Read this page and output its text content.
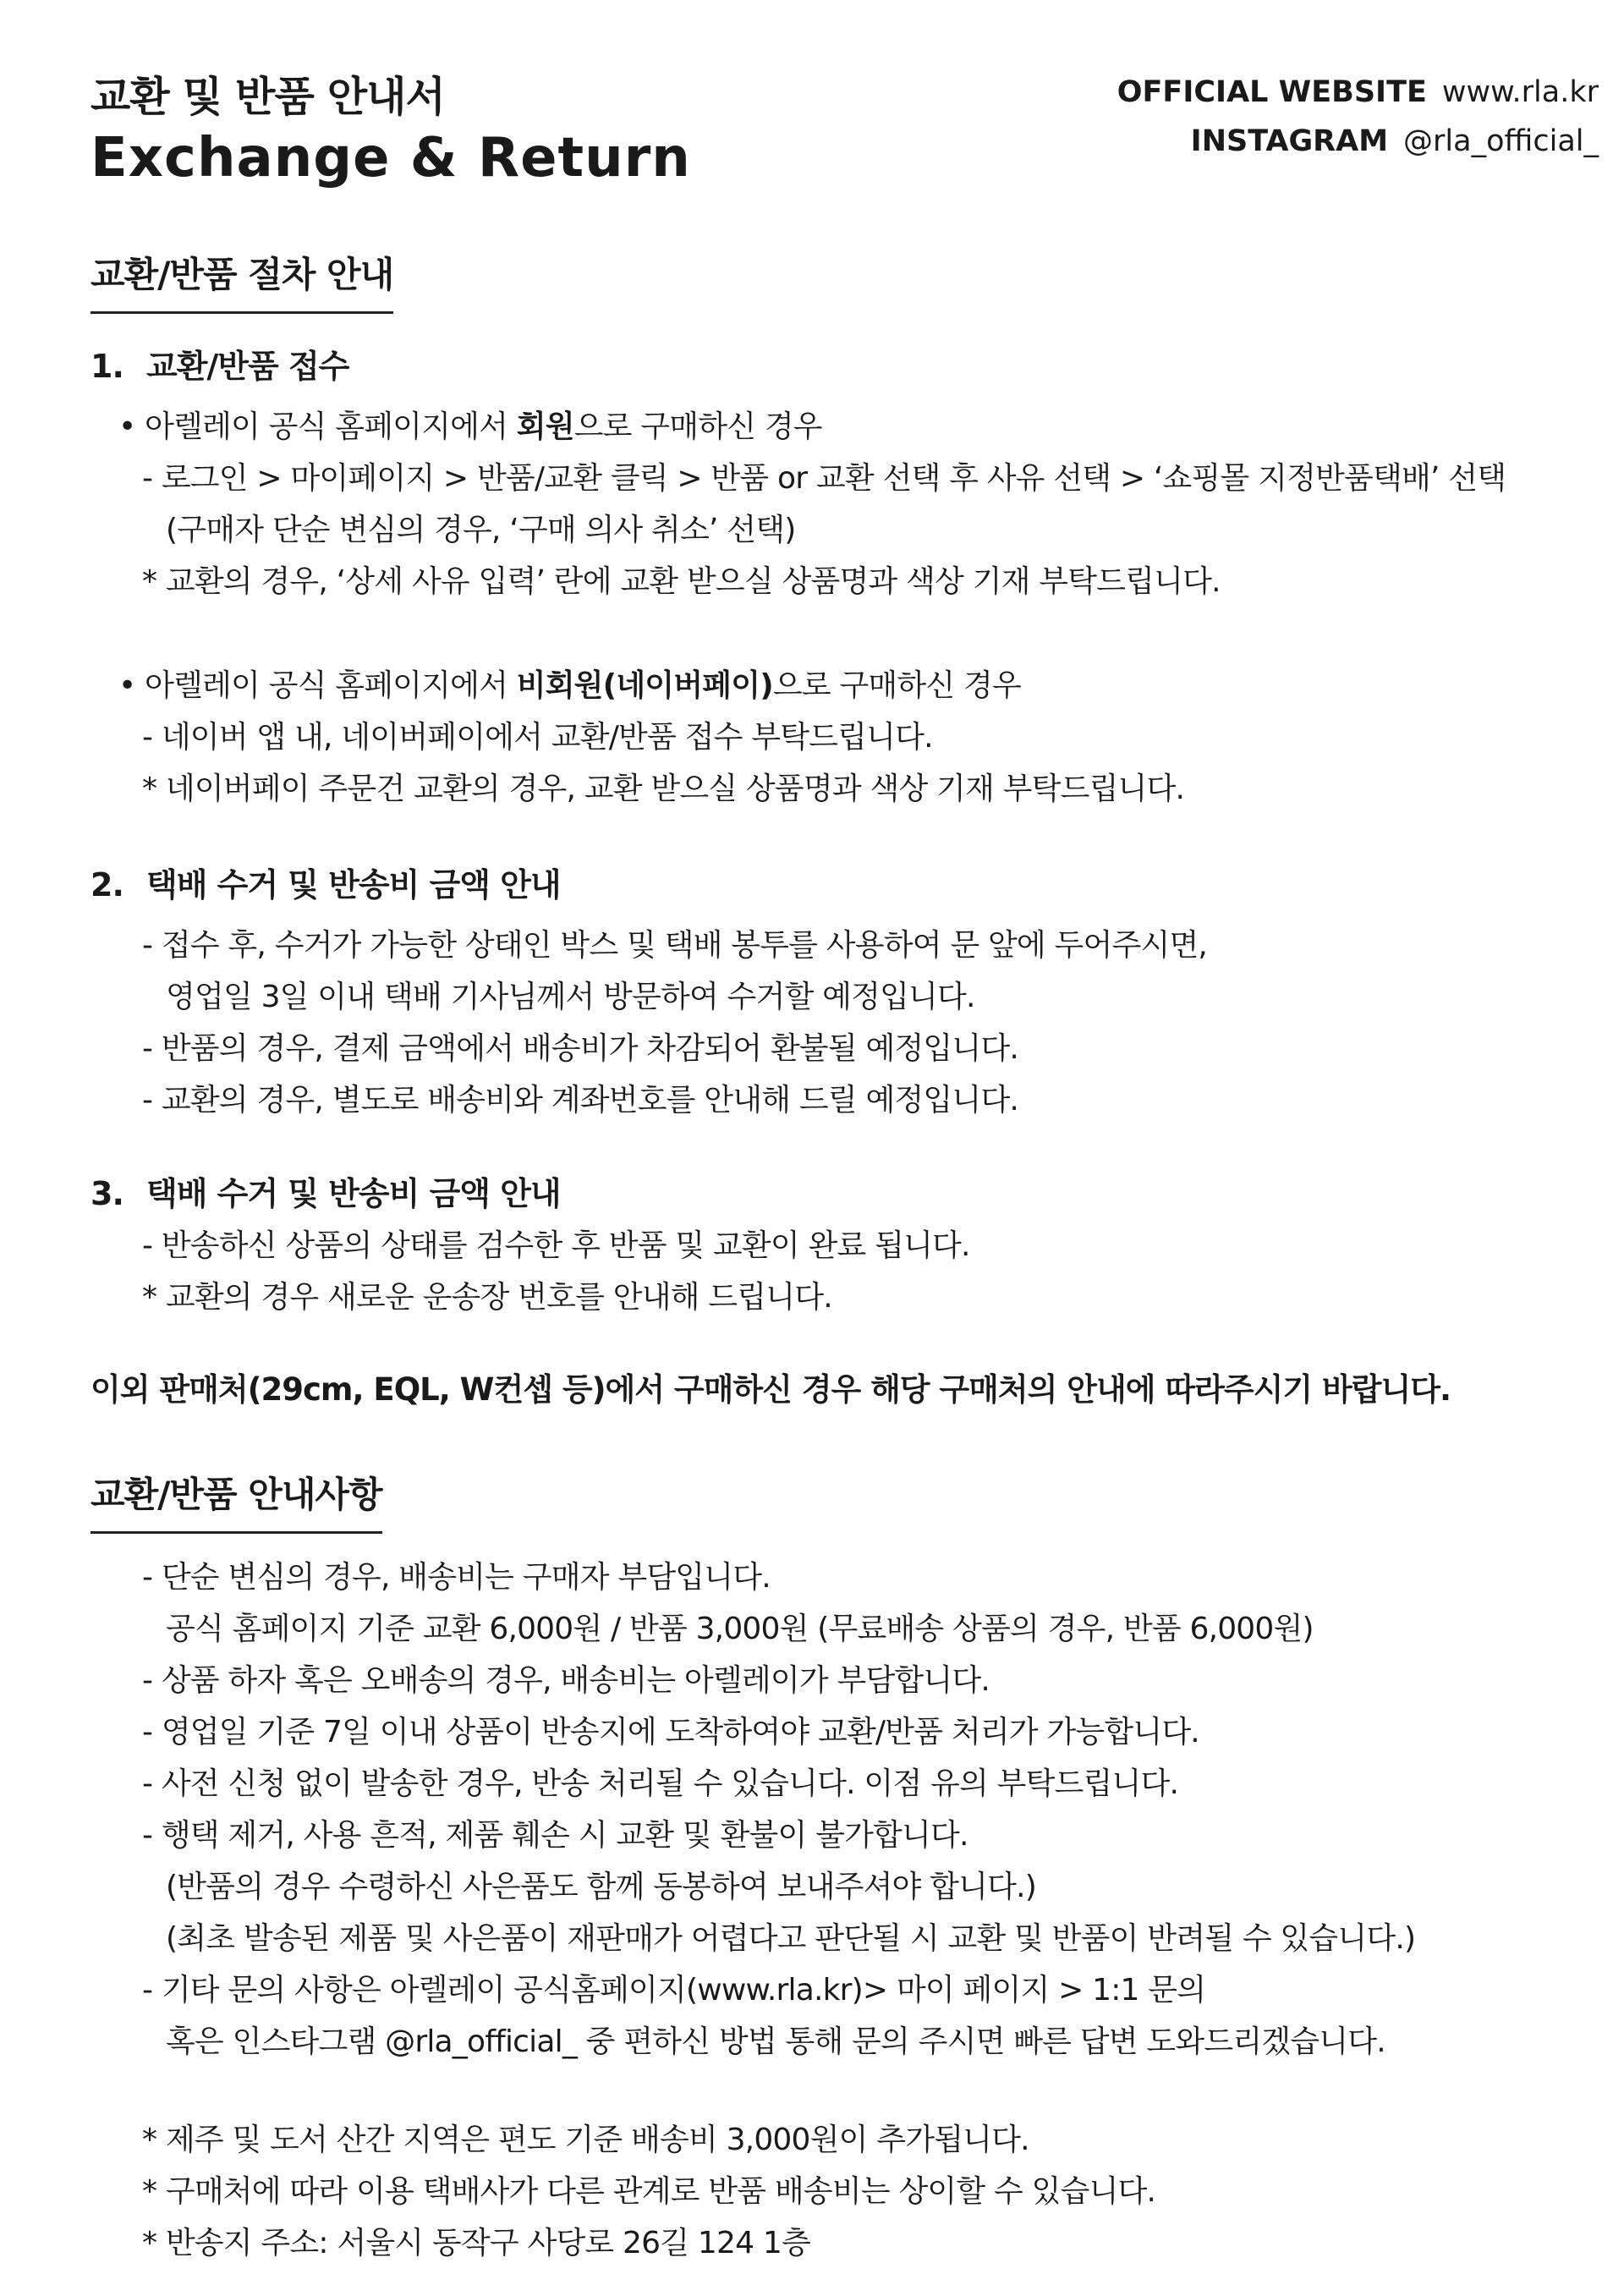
교환 및 반품 안내서
Exchange & Return
OFFICIAL WEBSITE www.rla.kr
INSTAGRAM @rla_official_
교환/반품 절차 안내
1. 교환/반품 접수
• 아렐레이 공식 홈페이지에서 회원으로 구매하신 경우
- 로그인 > 마이페이지 > 반품/교환 클릭 > 반품 or 교환 선택 후 사유 선택 > ‘쇼핑몰 지정반품택배’ 선택
(구매자 단순 변심의 경우, ‘구매 의사 취소’ 선택)
* 교환의 경우, ‘상세 사유 입력’ 란에 교환 받으실 상품명과 색상 기재 부탁드립니다.
• 아렐레이 공식 홈페이지에서 비회원(네이버페이)으로 구매하신 경우
- 네이버 앱 내, 네이버페이에서 교환/반품 접수 부탁드립니다.
* 네이버페이 주문건 교환의 경우, 교환 받으실 상품명과 색상 기재 부탁드립니다.
2. 택배 수거 및 반송비 금액 안내
- 접수 후, 수거가 가능한 상태인 박스 및 택배 봉투를 사용하여 문 앞에 두어주시면,
영업일 3일 이내 택배 기사님께서 방문하여 수거할 예정입니다.
- 반품의 경우, 결제 금액에서 배송비가 차감되어 환불될 예정입니다.
- 교환의 경우, 별도로 배송비와 계좌번호를 안내해 드릴 예정입니다.
3. 택배 수거 및 반송비 금액 안내
- 반송하신 상품의 상태를 검수한 후 반품 및 교환이 완료 됩니다.
* 교환의 경우 새로운 운송장 번호를 안내해 드립니다.
이외 판매처(29cm, EQL, W컨셉 등)에서 구매하신 경우 해당 구매처의 안내에 따라주시기 바랍니다.
교환/반품 안내사항
- 단순 변심의 경우, 배송비는 구매자 부담입니다.
공식 홈페이지 기준 교환 6,000원 / 반품 3,000원 (무료배송 상품의 경우, 반품 6,000원)
- 상품 하자 혹은 오배송의 경우, 배송비는 아렐레이가 부담합니다.
- 영업일 기준 7일 이내 상품이 반송지에 도착하여야 교환/반품 처리가 가능합니다.
- 사전 신청 없이 발송한 경우, 반송 처리될 수 있습니다. 이점 유의 부탁드립니다.
- 행택 제거, 사용 흔적, 제품 훼손 시 교환 및 환불이 불가합니다.
(반품의 경우 수령하신 사은품도 함께 동봉하여 보내주셔야 합니다.)
(최초 발송된 제품 및 사은품이 재판매가 어렵다고 판단될 시 교환 및 반품이 반려될 수 있습니다.)
- 기타 문의 사항은 아렐레이 공식홈페이지(www.rla.kr)> 마이 페이지 > 1:1 문의
혹은 인스타그램 @rla_official_ 중 편하신 방법 통해 문의 주시면 빠른 답변 도와드리겠습니다.
* 제주 및 도서 산간 지역은 편도 기준 배송비 3,000원이 추가됩니다.
* 구매처에 따라 이용 택배사가 다른 관계로 반품 배송비는 상이할 수 있습니다.
* 반송지 주소: 서울시 동작구 사당로 26길 124 1층
